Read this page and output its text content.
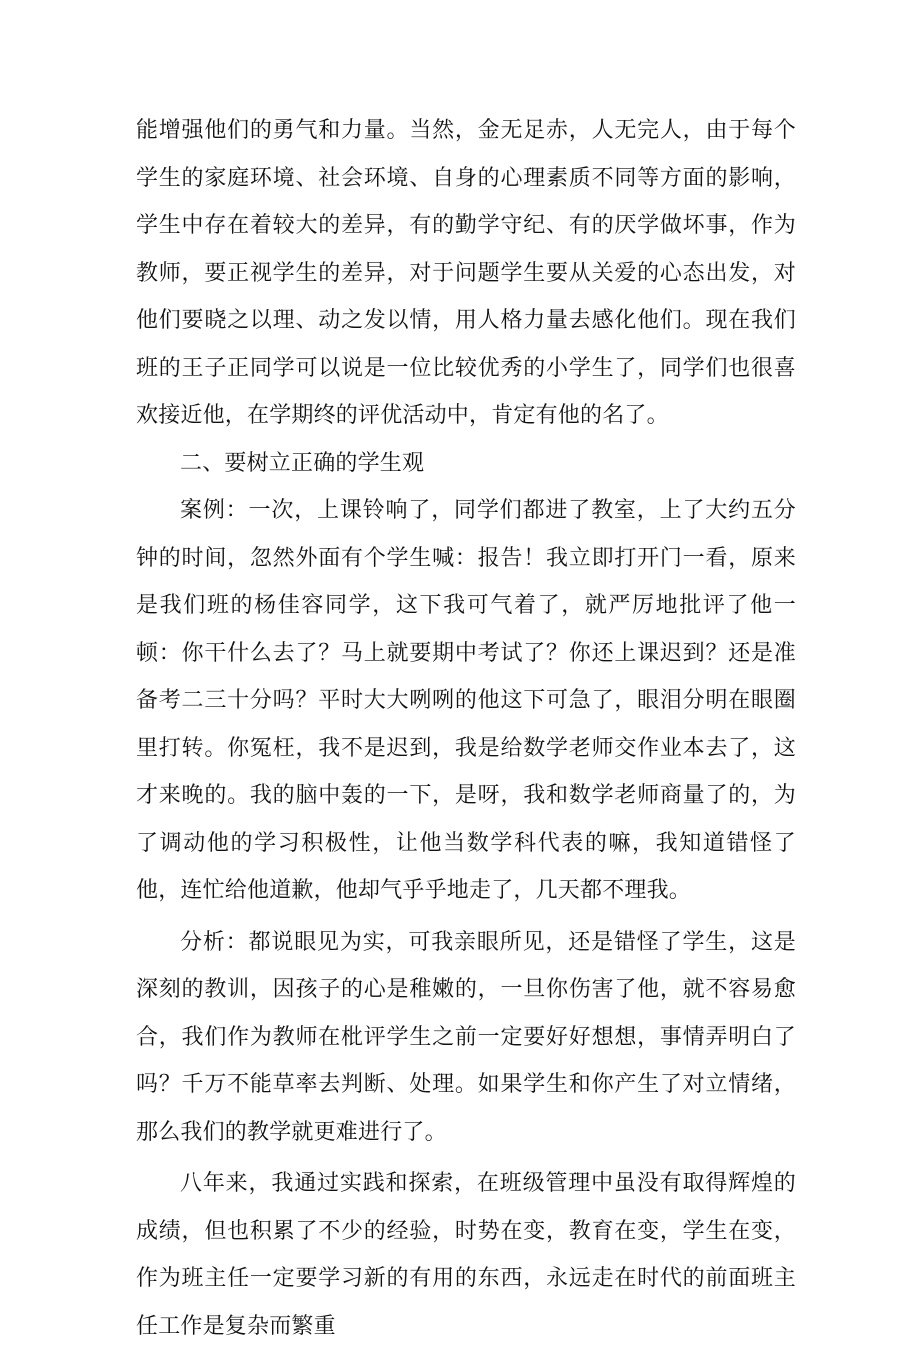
能增强他们的勇气和力量。当然，金无足赤，人无完人，由于每个学生的家庭环境、社会环境、自身的心理素质不同等方面的影响，学生中存在着较大的差异，有的勤学守纪、有的厌学做坏事，作为教师，要正视学生的差异，对于问题学生要从关爱的心态出发，对他们要晓之以理、动之发以情，用人格力量去感化他们。现在我们班的王子正同学可以说是一位比较优秀的小学生了，同学们也很喜欢接近他，在学期终的评优活动中，肯定有他的名了。

二、要树立正确的学生观

案例：一次，上课铃响了，同学们都进了教室，上了大约五分钟的时间，忽然外面有个学生喊：报告！我立即打开门一看，原来是我们班的杨佳容同学，这下我可气着了，就严厉地批评了他一顿：你干什么去了？马上就要期中考试了？你还上课迟到？还是准备考二三十分吗？平时大大咧咧的他这下可急了，眼泪分明在眼圈里打转。你冤枉，我不是迟到，我是给数学老师交作业本去了，这才来晚的。我的脑中轰的一下，是呀，我和数学老师商量了的，为了调动他的学习积极性，让他当数学科代表的嘛，我知道错怪了他，连忙给他道歉，他却气乎乎地走了，几天都不理我。

分析：都说眼见为实，可我亲眼所见，还是错怪了学生，这是深刻的教训，因孩子的心是稚嫩的，一旦你伤害了他，就不容易愈合，我们作为教师在枇评学生之前一定要好好想想，事情弄明白了吗？千万不能草率去判断、处理。如果学生和你产生了对立情绪，那么我们的教学就更难进行了。

八年来，我通过实践和探索，在班级管理中虽没有取得辉煌的成绩，但也积累了不少的经验，时势在变，教育在变，学生在变，作为班主任一定要学习新的有用的东西，永远走在时代的前面班主任工作是复杂而繁重
